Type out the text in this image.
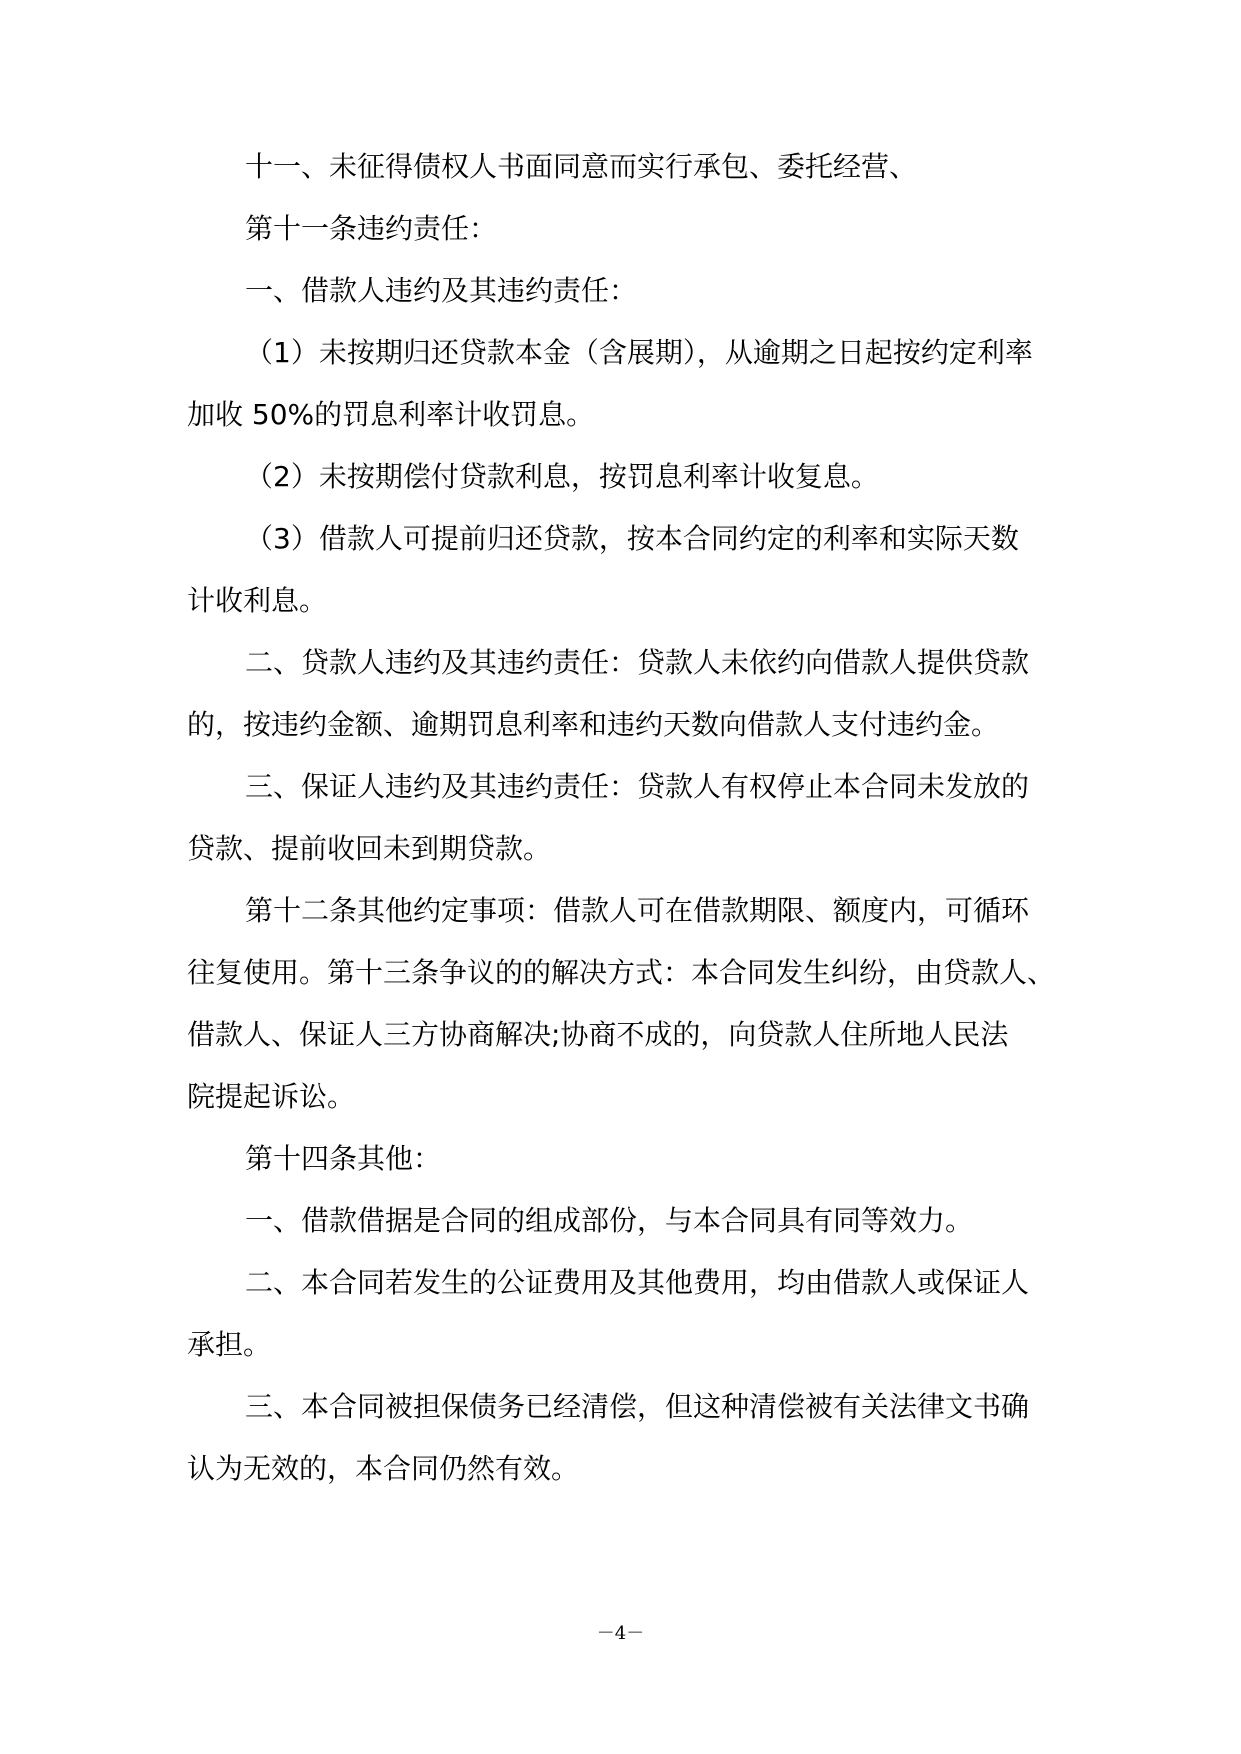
十一、未征得债权人书面同意而实行承包、委托经营、
第十一条违约责任：
一、借款人违约及其违约责任：
（1）未按期归还贷款本金（含展期），从逾期之日起按约定利率
加收 50%的罚息利率计收罚息。
（2）未按期偿付贷款利息，按罚息利率计收复息。
（3）借款人可提前归还贷款，按本合同约定的利率和实际天数
计收利息。
二、贷款人违约及其违约责任：贷款人未依约向借款人提供贷款
的，按违约金额、逾期罚息利率和违约天数向借款人支付违约金。
三、保证人违约及其违约责任：贷款人有权停止本合同未发放的
贷款、提前收回未到期贷款。
第十二条其他约定事项：借款人可在借款期限、额度内，可循环
往复使用。第十三条争议的的解决方式：本合同发生纠纷，由贷款人、
借款人、保证人三方协商解决;协商不成的，向贷款人住所地人民法
院提起诉讼。
第十四条其他：
一、借款借据是合同的组成部份，与本合同具有同等效力。
二、本合同若发生的公证费用及其他费用，均由借款人或保证人
承担。
三、本合同被担保债务已经清偿，但这种清偿被有关法律文书确
认为无效的，本合同仍然有效。
－4－
